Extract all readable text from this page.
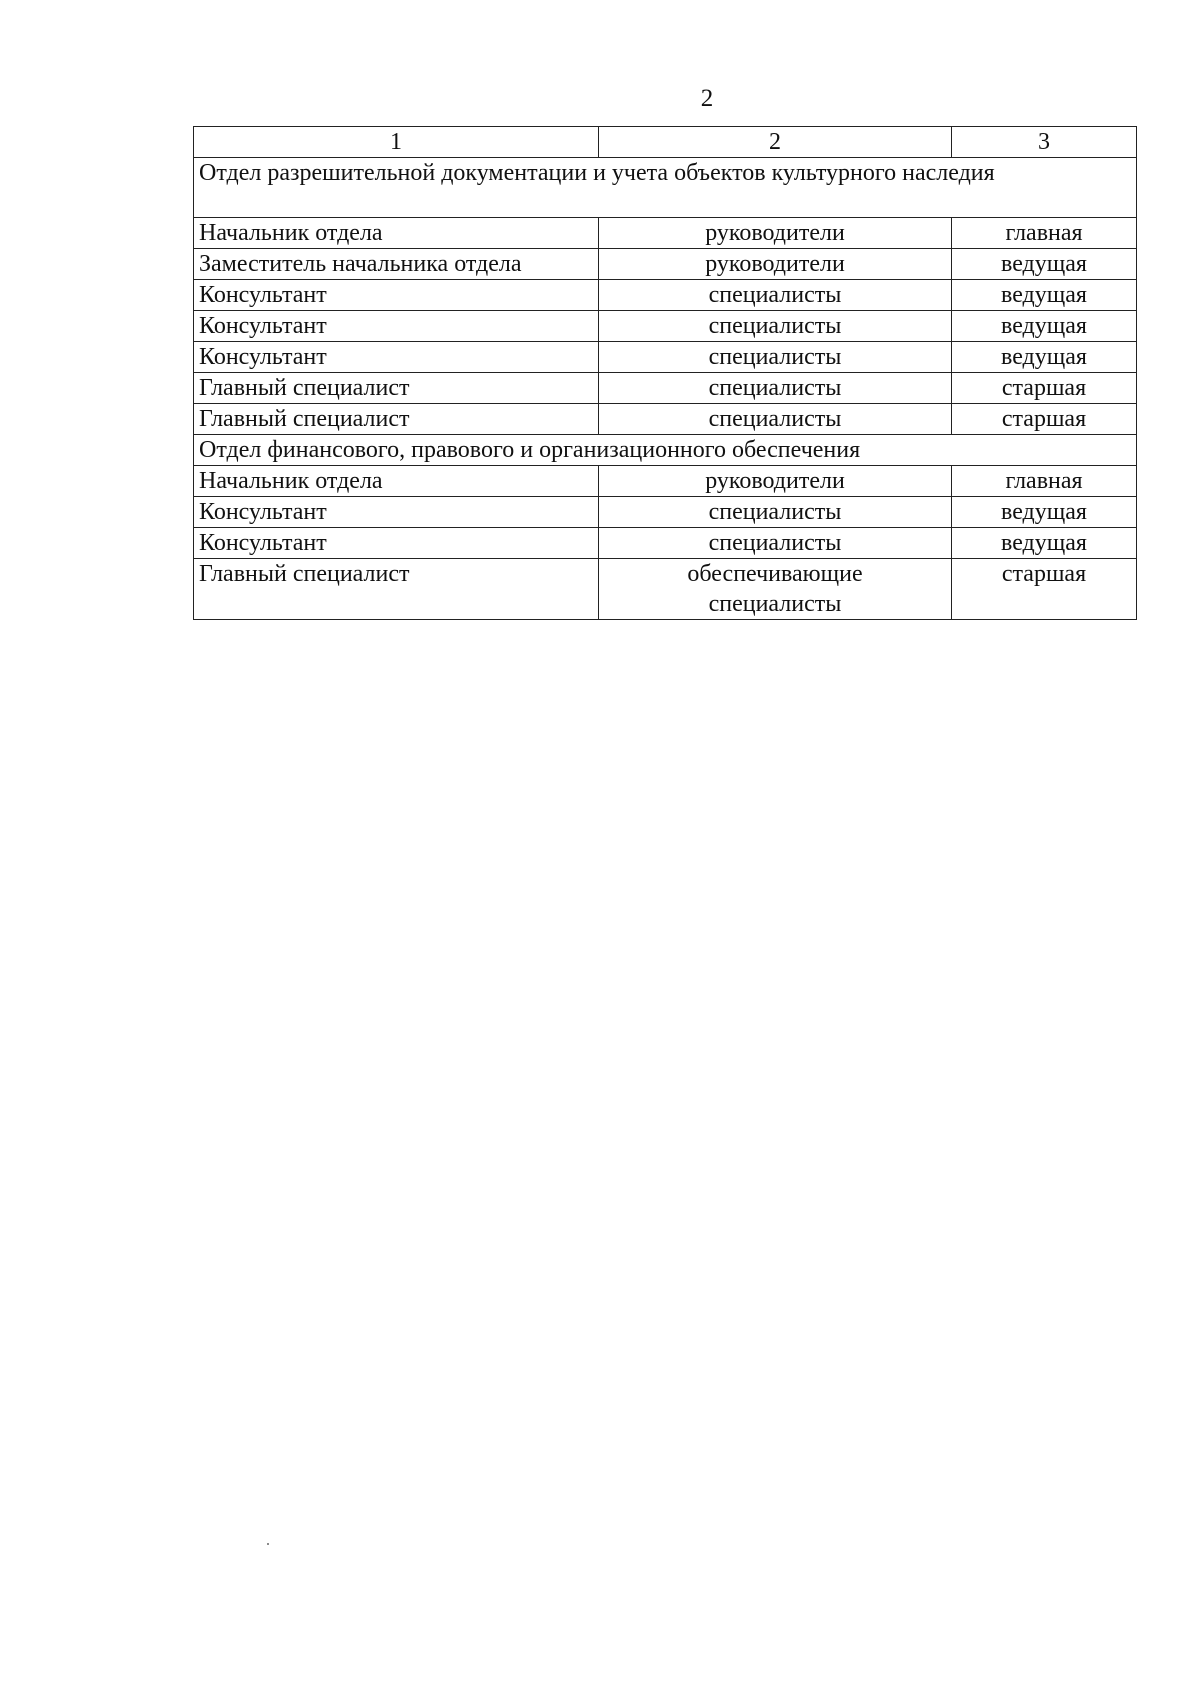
2
1	2	3
Отдел разрешительной документации и учета объектов культурного наследия		
Начальник отдела	руководители	главная
Заместитель начальника отдела	руководители	ведущая
Консультант	специалисты	ведущая
Консультант	специалисты	ведущая
Консультант	специалисты	ведущая
Главный специалист	специалисты	старшая
Главный специалист	специалисты	старшая
Отдел финансового, правового и организационного обеспечения		
Начальник отдела	руководители	главная
Консультант	специалисты	ведущая
Консультант	специалисты	ведущая
Главный специалист	обеспечивающие специалисты	старшая
